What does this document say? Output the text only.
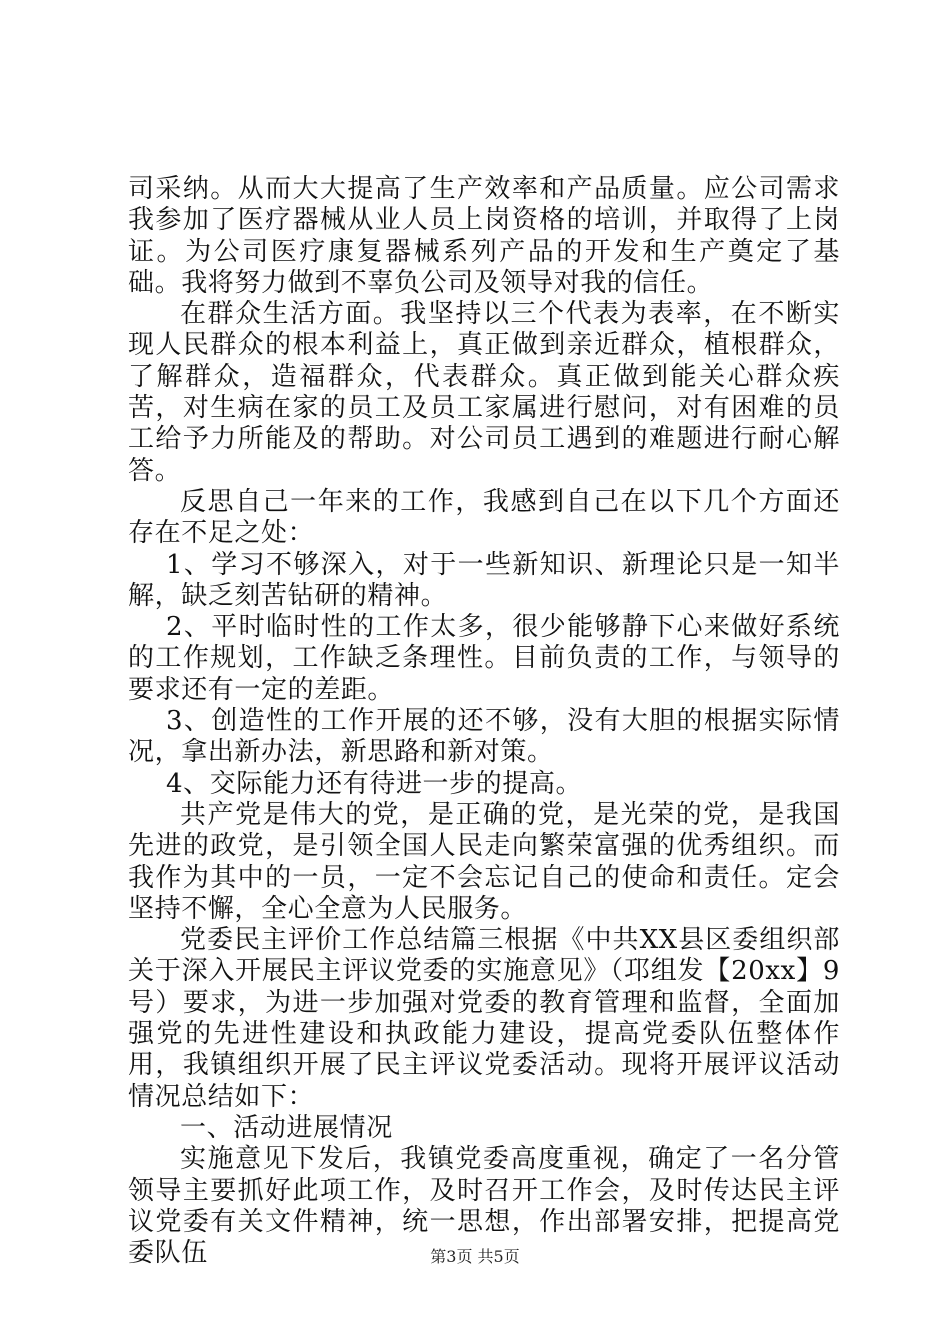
司采纳。从而大大提高了生产效率和产品质量。应公司需求我参加了医疗器械从业人员上岗资格的培训，并取得了上岗证。为公司医疗康复器械系列产品的开发和生产奠定了基础。我将努力做到不辜负公司及领导对我的信任。

在群众生活方面。我坚持以三个代表为表率，在不断实现人民群众的根本利益上，真正做到亲近群众，植根群众，了解群众，造福群众，代表群众。真正做到能关心群众疾苦，对生病在家的员工及员工家属进行慰问，对有困难的员工给予力所能及的帮助。对公司员工遇到的难题进行耐心解答。

反思自己一年来的工作，我感到自己在以下几个方面还存在不足之处：

1、学习不够深入，对于一些新知识、新理论只是一知半解，缺乏刻苦钻研的精神。

2、平时临时性的工作太多，很少能够静下心来做好系统的工作规划，工作缺乏条理性。目前负责的工作，与领导的要求还有一定的差距。

3、创造性的工作开展的还不够，没有大胆的根据实际情况，拿出新办法，新思路和新对策。

4、交际能力还有待进一步的提高。

共产党是伟大的党，是正确的党，是光荣的党，是我国先进的政党，是引领全国人民走向繁荣富强的优秀组织。而我作为其中的一员，一定不会忘记自己的使命和责任。定会坚持不懈，全心全意为人民服务。

党委民主评价工作总结篇三根据《中共XX县区委组织部关于深入开展民主评议党委的实施意见》（邛组发【20xx】9号）要求，为进一步加强对党委的教育管理和监督，全面加强党的先进性建设和执政能力建设，提高党委队伍整体作用，我镇组织开展了民主评议党委活动。现将开展评议活动情况总结如下：

一、活动进展情况

实施意见下发后，我镇党委高度重视，确定了一名分管领导主要抓好此项工作，及时召开工作会，及时传达民主评议党委有关文件精神，统一思想，作出部署安排，把提高党委队伍	第3页 共5页
